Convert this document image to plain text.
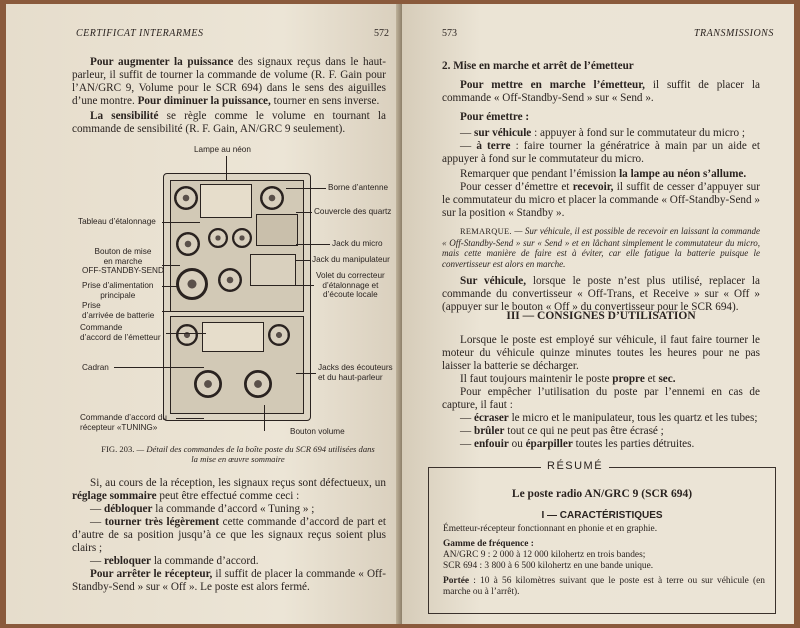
CERTIFICAT INTERARMES	572

Pour augmenter la puissance des signaux reçus dans le haut-parleur, il suffit de tourner la commande de volume (R. F. Gain pour l’AN/GRC 9, Volume pour le SCR 694) dans le sens des aiguilles d’une montre. Pour diminuer la puissance, tourner en sens inverse.

La sensibilité se règle comme le volume en tournant la commande de sensibilité (R. F. Gain, AN/GRC 9 seulement).

Lampe au néon
Borne d’antenne
Tableau d’étalonnage
Couvercle des quartz
Bouton de mise
en marche
OFF-STANDBY-SEND
Jack du micro
Jack du manipulateur
Prise d’alimentation
principale
Volet du correcteur
d’étalonnage et
d’écoute locale
Prise
d’arrivée de batterie
Commande
d’accord de l’émetteur
Cadran	Jacks des écouteurs
et du haut-parleur
Commande d’accord du
récepteur «TUNING»	Bouton volume
FIG. 203. — Détail des commandes de la boîte poste du SCR 694 utilisées dans la mise en œuvre sommaire

Si, au cours de la réception, les signaux reçus sont défectueux, un réglage sommaire peut être effectué comme ceci :

— débloquer la commande d’accord « Tuning » ;

— tourner très légèrement cette commande d’accord de part et d’autre de sa position jusqu’à ce que les signaux reçus soient plus clairs ;

— rebloquer la commande d’accord.

Pour arrêter le récepteur, il suffit de placer la commande « Off-Standby-Send » sur « Off ». Le poste est alors fermé.

573	TRANSMISSIONS

2. Mise en marche et arrêt de l’émetteur

Pour mettre en marche l’émetteur, il suffit de placer la commande « Off-Standby-Send » sur « Send ».

Pour émettre :

— sur véhicule : appuyer à fond sur le commutateur du micro ;

— à terre : faire tourner la génératrice à main par un aide et appuyer à fond sur le commutateur du micro.

Remarquer que pendant l’émission la lampe au néon s’allume.

Pour cesser d’émettre et recevoir, il suffit de cesser d’appuyer sur le commutateur du micro et placer la commande « Off-Standby-Send » sur la position « Standby ».

REMARQUE. — Sur véhicule, il est possible de recevoir en laissant la commande « Off-Standby-Send » sur « Send » et en lâchant simplement le commutateur du micro, mais cette manière de faire est à éviter, car elle fatigue la batterie puisque le convertisseur est alors en marche.

Sur véhicule, lorsque le poste n’est plus utilisé, replacer la commande du convertisseur « Off-Trans, et Receive » sur « Off » (appuyer sur le bouton « Off » du convertisseur pour le SCR 694).

III — CONSIGNES D’UTILISATION

Lorsque le poste est employé sur véhicule, il faut faire tourner le moteur du véhicule quinze minutes toutes les heures pour ne pas laisser la batterie se décharger.

Il faut toujours maintenir le poste propre et sec.

Pour empêcher l’utilisation du poste par l’ennemi en cas de capture, il faut :

— écraser le micro et le manipulateur, tous les quartz et les tubes;

— brûler tout ce qui ne peut pas être écrasé ;

— enfouir ou éparpiller toutes les parties détruites.

RÉSUMÉ
Le poste radio AN/GRC 9 (SCR 694)
I — CARACTÉRISTIQUES

Émetteur-récepteur fonctionnant en phonie et en graphie.

Gamme de fréquence :

AN/GRC 9 : 2 000 à 12 000 kilohertz en trois bandes;

SCR 694 : 3 800 à 6 500 kilohertz en une bande unique.

Portée : 10 à 56 kilomètres suivant que le poste est à terre ou sur véhicule (en marche ou à l’arrêt).
